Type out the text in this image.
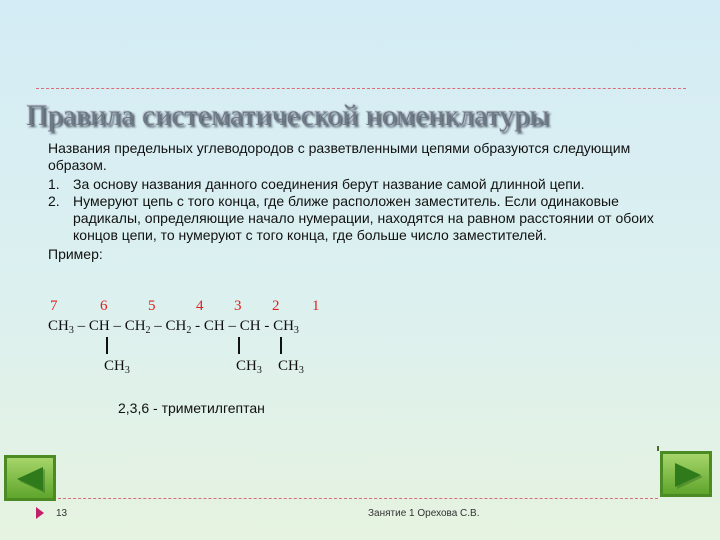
Правила систематической номенклатуры

Названия предельных углеводородов с разветвленными цепями образуются следующим образом.

1. За основу названия данного соединения берут название самой длинной цепи.
2. Нумеруют цепь с того конца, где ближе расположен заместитель. Если одинаковые радикалы, определяющие начало нумерации, находятся на равном расстоянии от обоих концов цепи, то нумеруют с того конца, где больше число заместителей.

Пример:

7	6	5	4 3 2 1
$CH_3$ – CH – $CH_2 - CH_2$ - CH – CH - $CH_3$
$CH_3$	$CH_3$ $CH_3$
2,3,6 - триметилгептан
13	Занятие 1 Орехова С.В.
